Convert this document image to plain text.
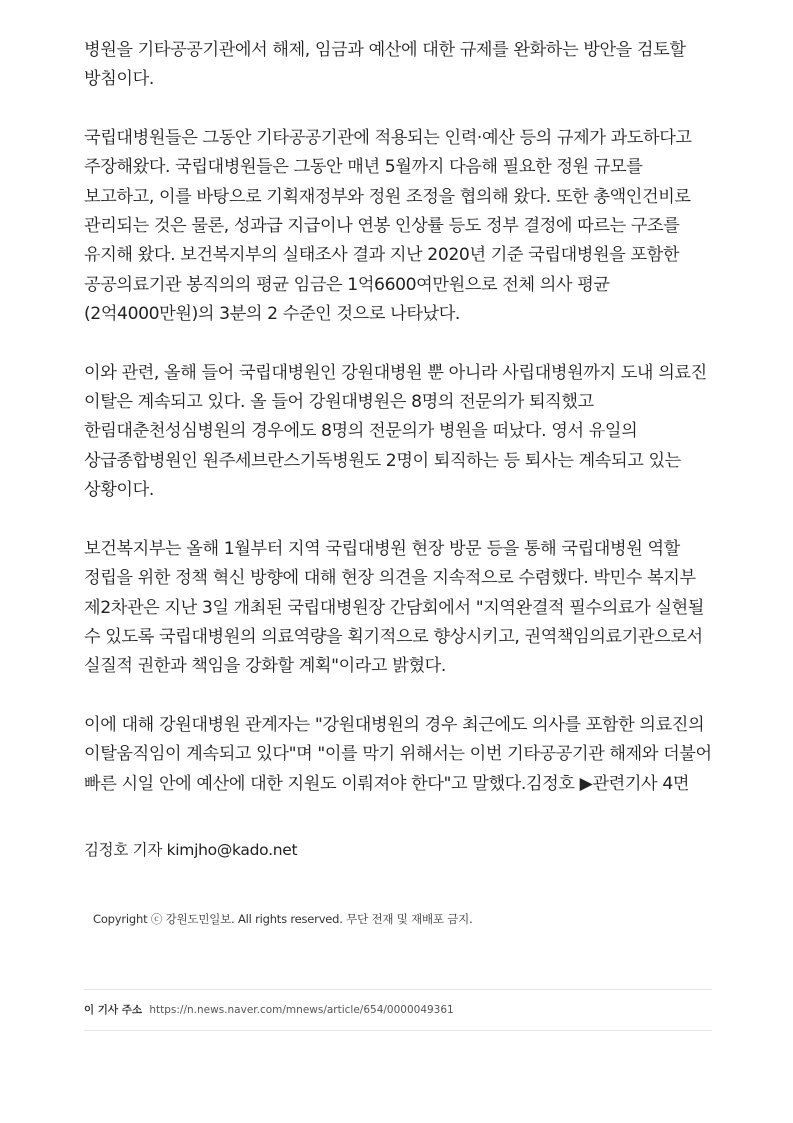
병원을 기타공공기관에서 해제, 임금과 예산에 대한 규제를 완화하는 방안을 검토할 방침이다.

국립대병원들은 그동안 기타공공기관에 적용되는 인력·예산 등의 규제가 과도하다고 주장해왔다. 국립대병원들은 그동안 매년 5월까지 다음해 필요한 정원 규모를 보고하고, 이를 바탕으로 기획재정부와 정원 조정을 협의해 왔다. 또한 총액인건비로 관리되는 것은 물론, 성과급 지급이나 연봉 인상률 등도 정부 결정에 따르는 구조를 유지해 왔다. 보건복지부의 실태조사 결과 지난 2020년 기준 국립대병원을 포함한 공공의료기관 봉직의의 평균 임금은 1억6600여만원으로 전체 의사 평균(2억4000만원)의 3분의 2 수준인 것으로 나타났다.

이와 관련, 올해 들어 국립대병원인 강원대병원 뿐 아니라 사립대병원까지 도내 의료진 이탈은 계속되고 있다. 올 들어 강원대병원은 8명의 전문의가 퇴직했고 한림대춘천성심병원의 경우에도 8명의 전문의가 병원을 떠났다. 영서 유일의 상급종합병원인 원주세브란스기독병원도 2명이 퇴직하는 등 퇴사는 계속되고 있는 상황이다.

보건복지부는 올해 1월부터 지역 국립대병원 현장 방문 등을 통해 국립대병원 역할 정립을 위한 정책 혁신 방향에 대해 현장 의견을 지속적으로 수렴했다. 박민수 복지부 제2차관은 지난 3일 개최된 국립대병원장 간담회에서 "지역완결적 필수의료가 실현될 수 있도록 국립대병원의 의료역량을 획기적으로 향상시키고, 권역책임의료기관으로서 실질적 권한과 책임을 강화할 계획"이라고 밝혔다.

이에 대해 강원대병원 관계자는 "강원대병원의 경우 최근에도 의사를 포함한 의료진의 이탈움직임이 계속되고 있다"며 "이를 막기 위해서는 이번 기타공공기관 해제와 더불어 빠른 시일 안에 예산에 대한 지원도 이뤄져야 한다"고 말했다.김정호 ▶관련기사 4면

김정호 기자 kimjho@kado.net
Copyright ⓒ 강원도민일보. All rights reserved. 무단 전재 및 재배포 금지.
이 기사 주소 https://n.news.naver.com/mnews/article/654/0000049361
